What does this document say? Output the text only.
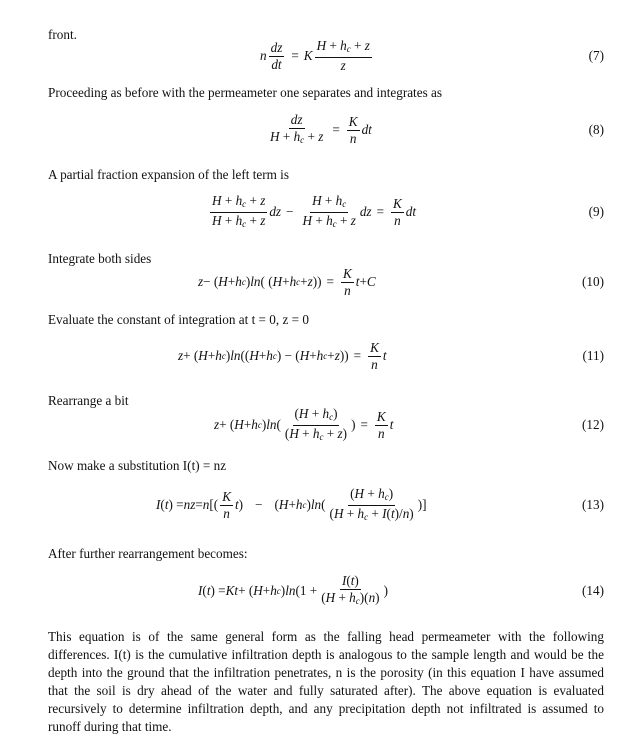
front.
n $\frac{dz}{dt} = K \frac{H + h_c + z}{z}$	(7)
Proceeding as before with the permeameter one separates and integrates as
$\frac{dz}{H + h_c + z} = \frac{K}{n}$ dt	(8)
A partial fraction expansion of the left term is
$\frac{H + h_c + z}{H + h_c + z}$ dz − $\frac{H + h_c}{H + h_c + z}$ dz = $\frac{K}{n}$ dt	(9)
Integrate both sides
z − ( H + h c ) ln ( ( H + h c + z ))
= $\frac{K}{n}$ t + C	(10)
Evaluate the constant of integration at t = 0, z = 0
z + ( H + h c ) ln (( H + h c ) − ( H + h c + z ))
= $\frac{K}{n}$ t	(11)
Rearrange a bit
z + ( H + h c ) ln ( $\frac{(H + h_c)}{(H + h_c + z)}$ )
= $\frac{K}{n}$ t	(12)
Now make a substitution I(t) = nz
I ( t ) = nz = n [( $\frac{K}{n}$ t )
−
( H + h c ) ln ( $\frac{(H + h_c)}{(H + h_c + I(t)/n)}$ )]	(13)
After further rearrangement becomes:
I ( t ) = Kt + ( H + h c ) $\ln (1 + \frac{I(t)}{(H + h_c)(n)}$ )	(14)
This equation is of the same general form as the falling head permeameter with the following differences. I(t) is the cumulative infiltration depth is analogous to the sample length and would be the depth into the ground that the infiltration penetrates, n is the porosity (in this equation I have assumed that the soil is dry ahead of the water and fully saturated after). The above equation is evaluated recursively to determine infiltration depth, and any precipitation depth not infiltrated is assumed to runoff during that time.
